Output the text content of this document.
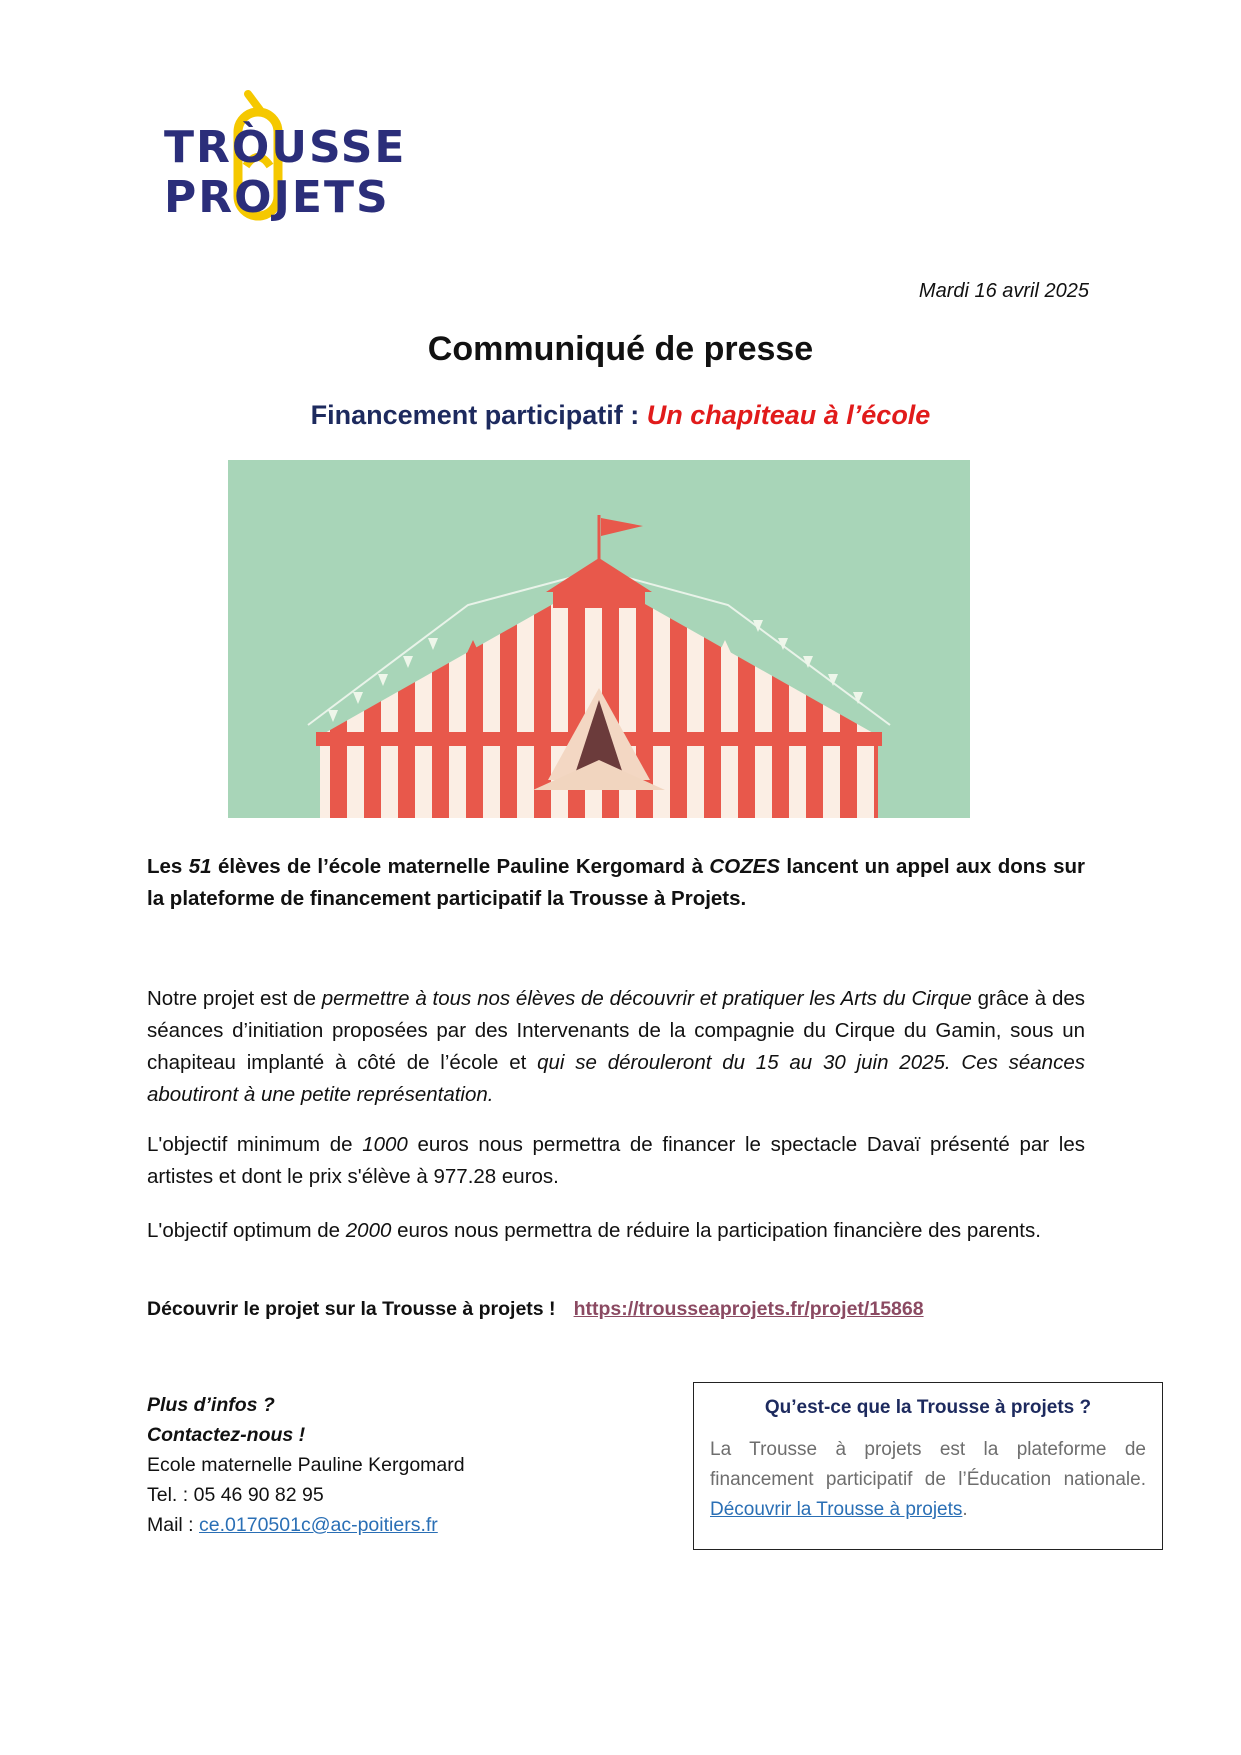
TRÒUSSE
PROJETS
Mardi 16 avril 2025
Communiqué de presse
Financement participatif : Un chapiteau à l’école
Les 51 élèves de l’école maternelle Pauline Kergomard à COZES lancent un appel aux dons sur la plateforme de financement participatif la Trousse à Projets.
Notre projet est de permettre à tous nos élèves de découvrir et pratiquer les Arts du Cirque grâce à des séances d’initiation proposées par des Intervenants de la compagnie du Cirque du Gamin, sous un chapiteau implanté à côté de l’école et qui se dérouleront du 15 au 30 juin 2025. Ces séances aboutiront à une petite représentation.
L'objectif minimum de 1000 euros nous permettra de financer le spectacle Davaï présenté par les artistes et dont le prix s'élève à 977.28 euros.
L'objectif optimum de 2000 euros nous permettra de réduire la participation financière des parents.
Découvrir le projet sur la Trousse à projets ! https://trousseaprojets.fr/projet/15868
Plus d’infos ?
Contactez-nous !
Ecole maternelle Pauline Kergomard
Tel. : 05 46 90 82 95
Mail : ce.0170501c@ac-poitiers.fr
Qu’est-ce que la Trousse à projets ?

La Trousse à projets est la plateforme de financement participatif de l’Éducation nationale. Découvrir la Trousse à projets.
